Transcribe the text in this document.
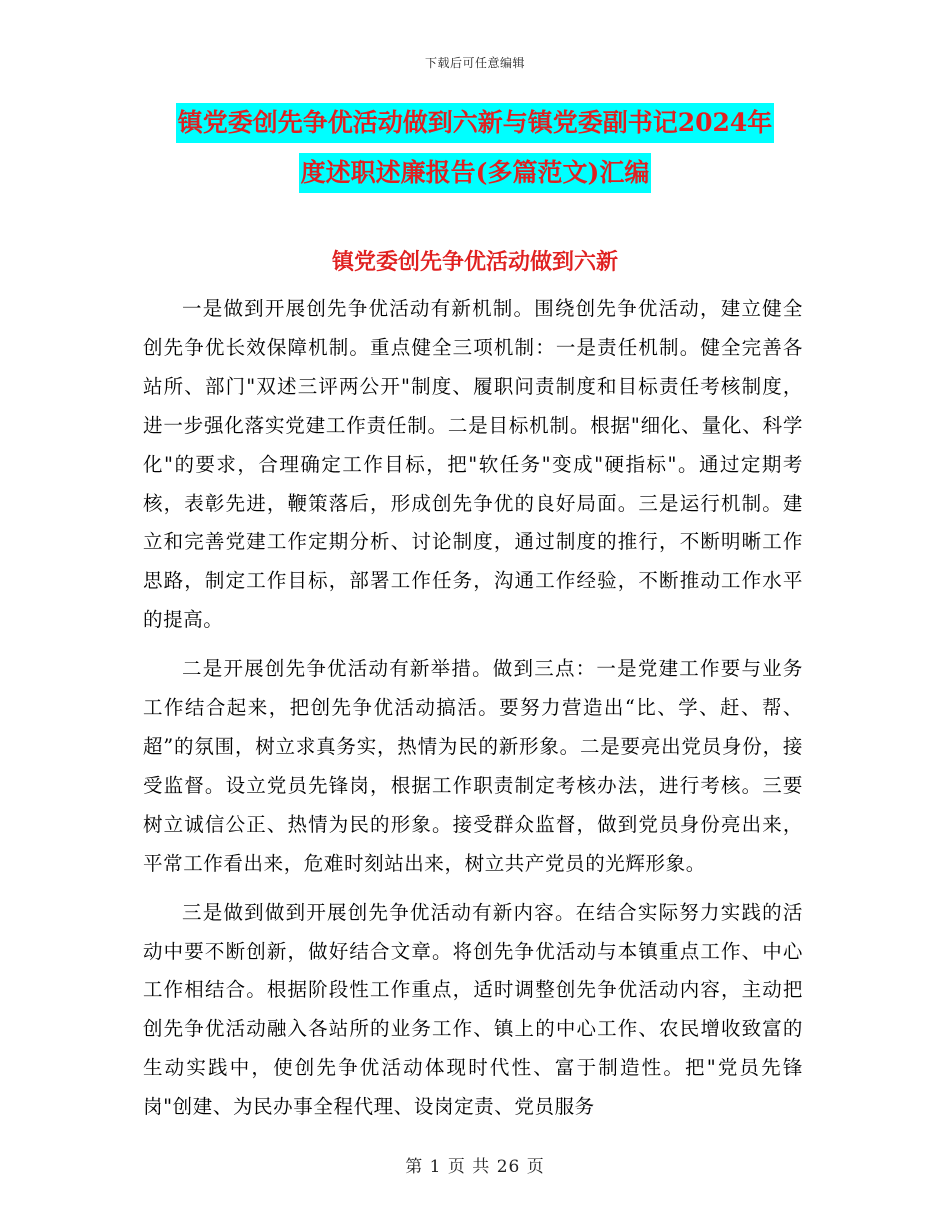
下载后可任意编辑
镇党委创先争优活动做到六新与镇党委副书记2024年
度述职述廉报告(多篇范文)汇编
镇党委创先争优活动做到六新

一是做到开展创先争优活动有新机制。围绕创先争优活动，建立健全创先争优长效保障机制。重点健全三项机制：一是责任机制。健全完善各站所、部门"双述三评两公开"制度、履职问责制度和目标责任考核制度，进一步强化落实党建工作责任制。二是目标机制。根据"细化、量化、科学化"的要求，合理确定工作目标，把"软任务"变成"硬指标"。通过定期考核，表彰先进，鞭策落后，形成创先争优的良好局面。三是运行机制。建立和完善党建工作定期分析、讨论制度，通过制度的推行，不断明晰工作思路，制定工作目标，部署工作任务，沟通工作经验，不断推动工作水平的提高。

二是开展创先争优活动有新举措。做到三点：一是党建工作要与业务工作结合起来，把创先争优活动搞活。要努力营造出“比、学、赶、帮、超”的氛围，树立求真务实，热情为民的新形象。二是要亮出党员身份，接受监督。设立党员先锋岗，根据工作职责制定考核办法，进行考核。三要树立诚信公正、热情为民的形象。接受群众监督，做到党员身份亮出来，平常工作看出来，危难时刻站出来，树立共产党员的光辉形象。

三是做到做到开展创先争优活动有新内容。在结合实际努力实践的活动中要不断创新，做好结合文章。将创先争优活动与本镇重点工作、中心工作相结合。根据阶段性工作重点，适时调整创先争优活动内容，主动把创先争优活动融入各站所的业务工作、镇上的中心工作、农民增收致富的生动实践中，使创先争优活动体现时代性、富于制造性。把"党员先锋岗"创建、为民办事全程代理、设岗定责、党员服务

第 1 页 共 26 页
